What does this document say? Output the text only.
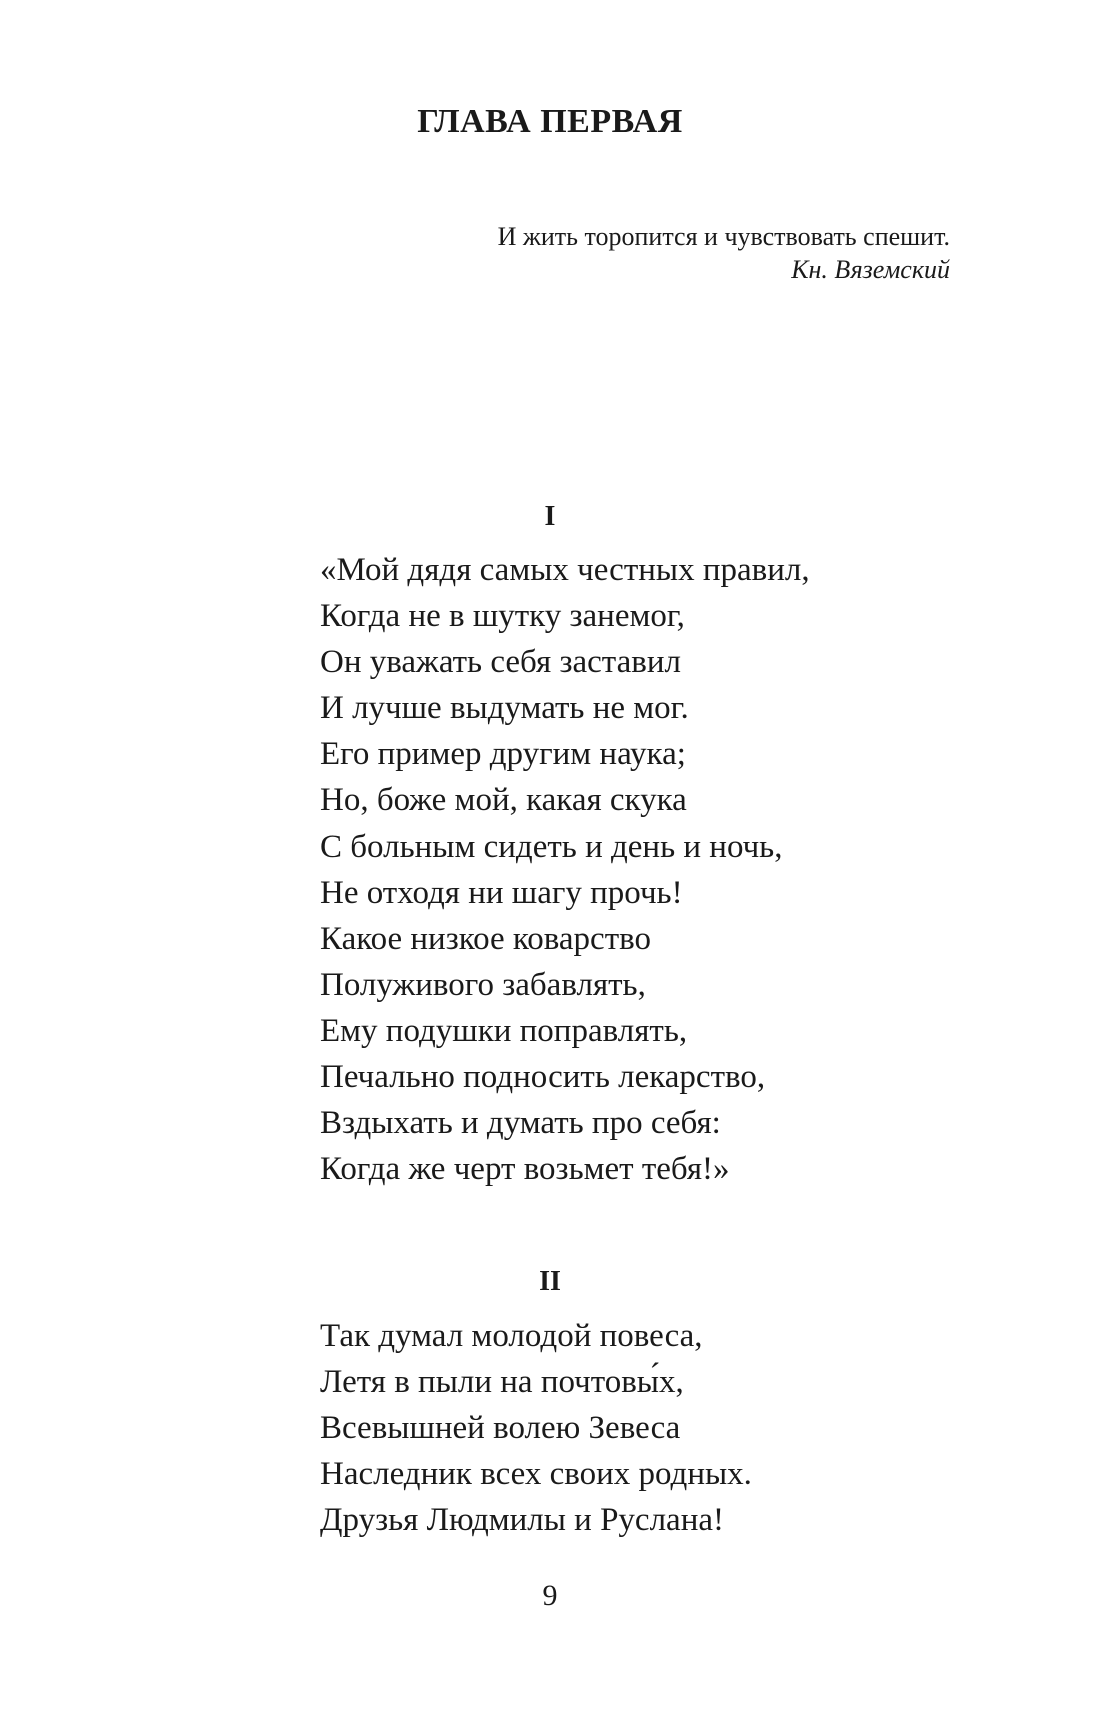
ГЛАВА ПЕРВАЯ
И жить торопится и чувствовать спешит.
Кн. Вяземский
I
«Мой дядя самых честных правил,
Когда не в шутку занемог,
Он уважать себя заставил
И лучше выдумать не мог.
Его пример другим наука;
Но, боже мой, какая скука
С больным сидеть и день и ночь,
Не отходя ни шагу прочь!
Какое низкое коварство
Полуживого забавлять,
Ему подушки поправлять,
Печально подносить лекарство,
Вздыхать и думать про себя:
Когда же черт возьмет тебя!»
II
Так думал молодой повеса,
Летя в пыли на почтовы́х,
Всевышней волею Зевеса
Наследник всех своих родных.
Друзья Людмилы и Руслана!
9
